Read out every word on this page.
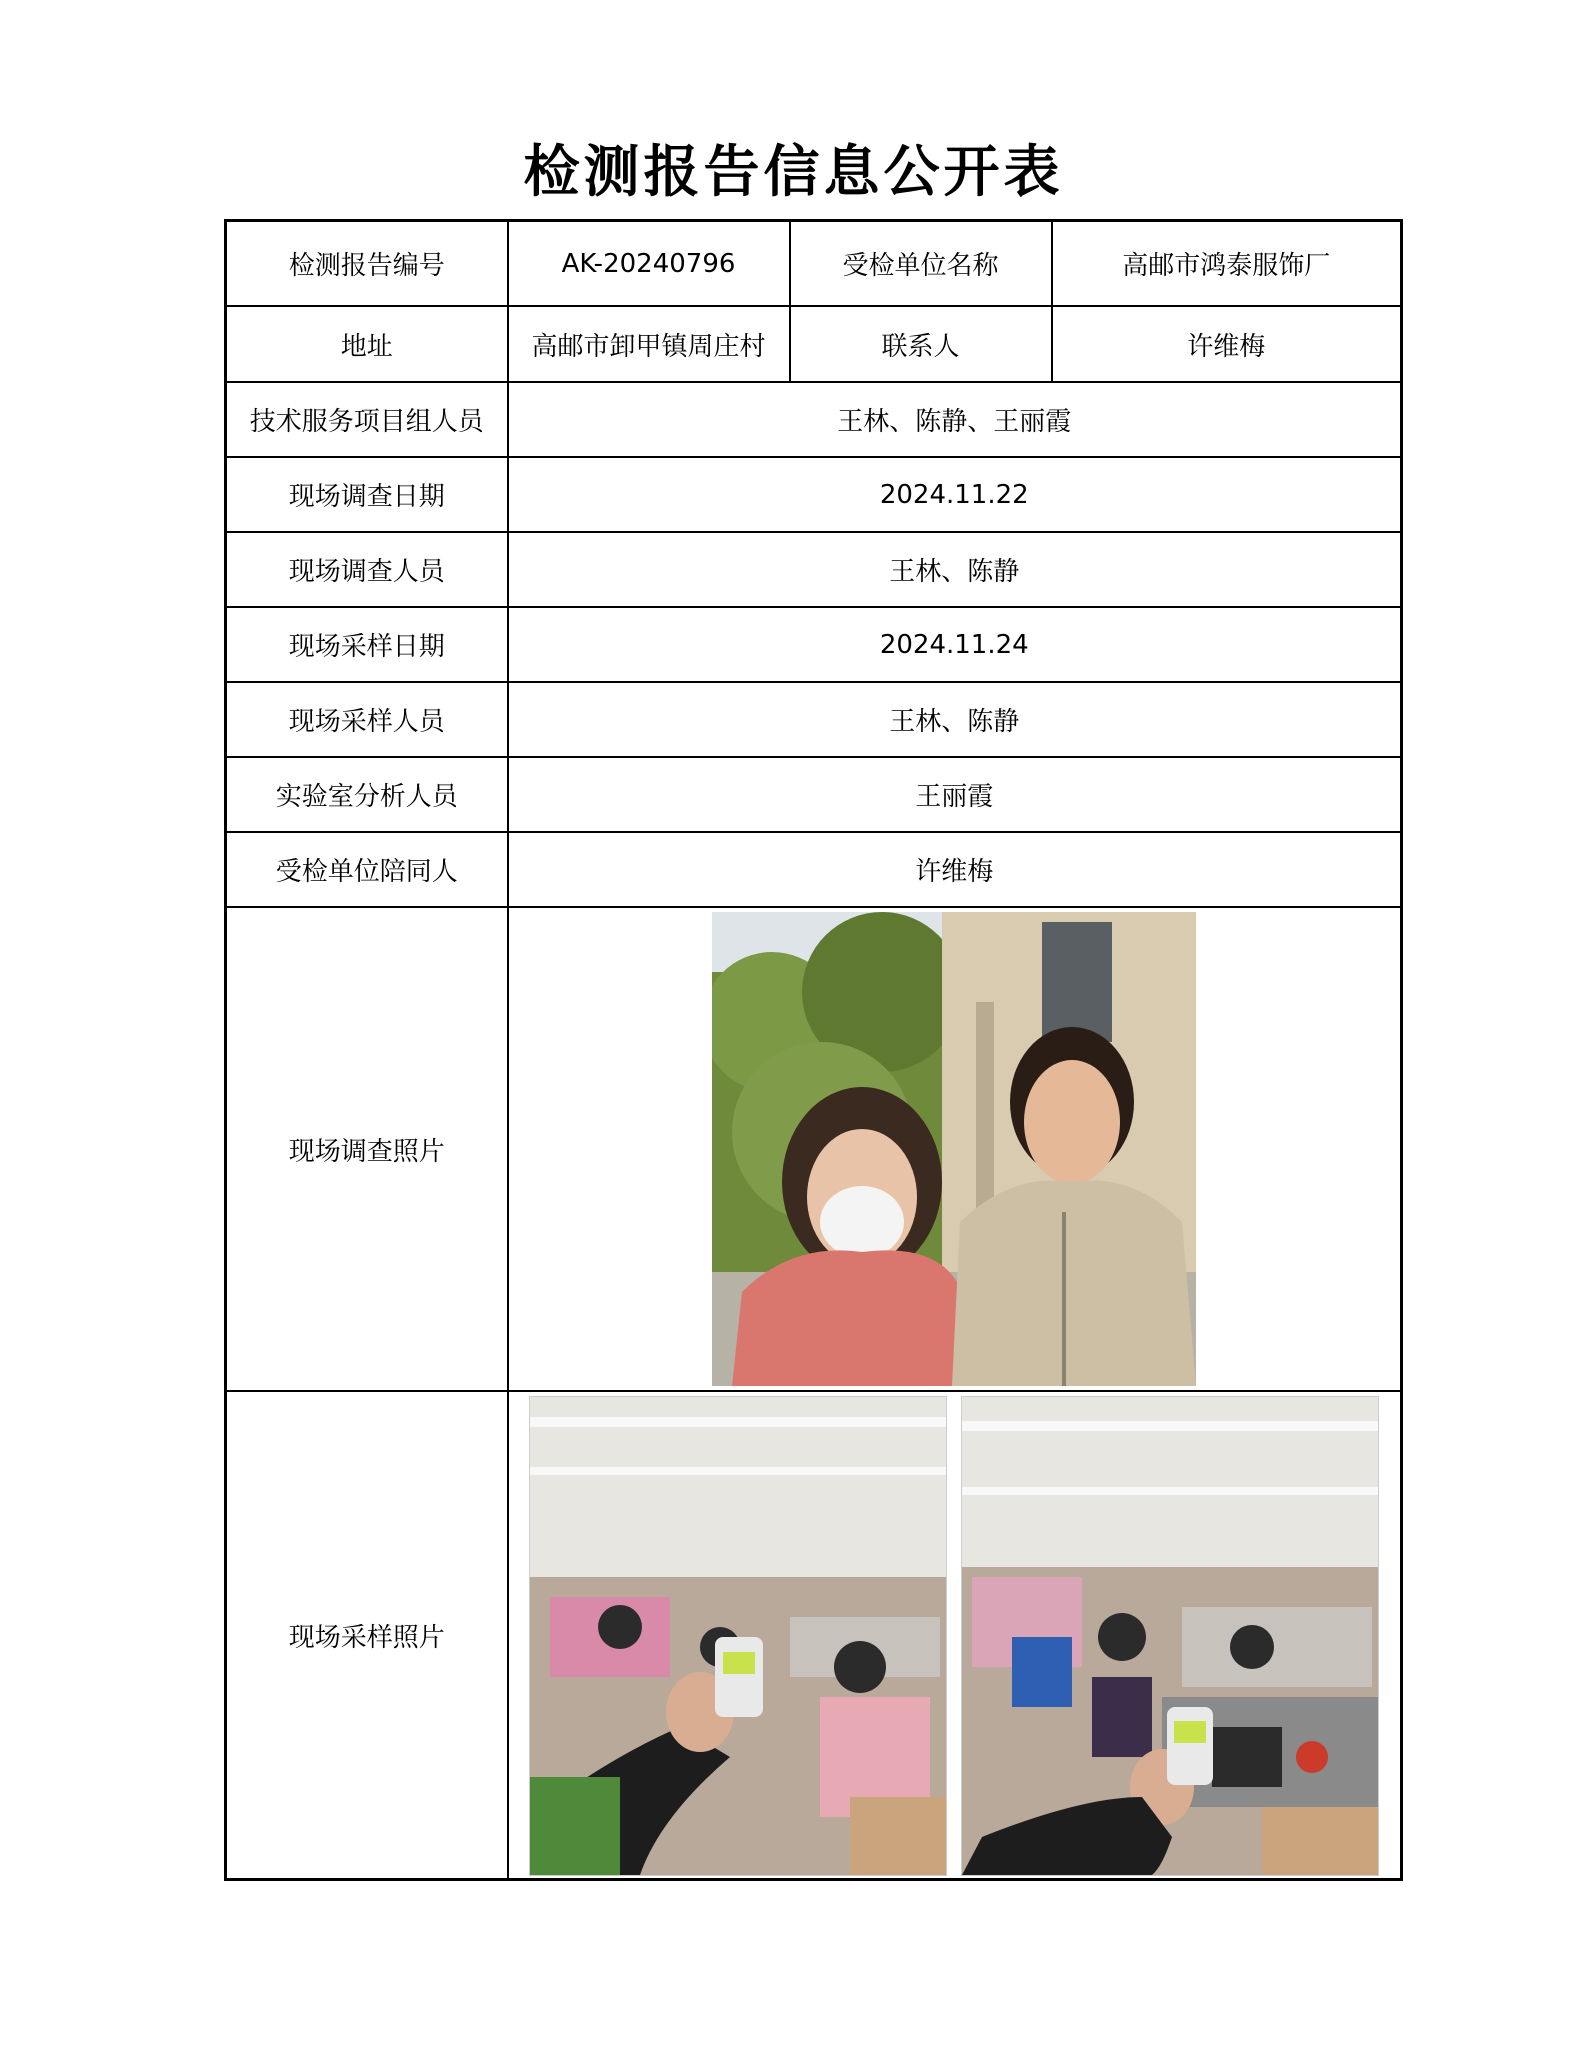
检测报告信息公开表
检测报告编号	AK-20240796	受检单位名称	高邮市鸿泰服饰厂
地址	高邮市卸甲镇周庄村	联系人	许维梅
技术服务项目组人员	王林、陈静、王丽霞		
现场调查日期	2024.11.22		
现场调查人员	王林、陈静		
现场采样日期	2024.11.24		
现场采样人员	王林、陈静		
实验室分析人员	王丽霞		
受检单位陪同人	许维梅		
现场调查照片	

现场采样照片	
